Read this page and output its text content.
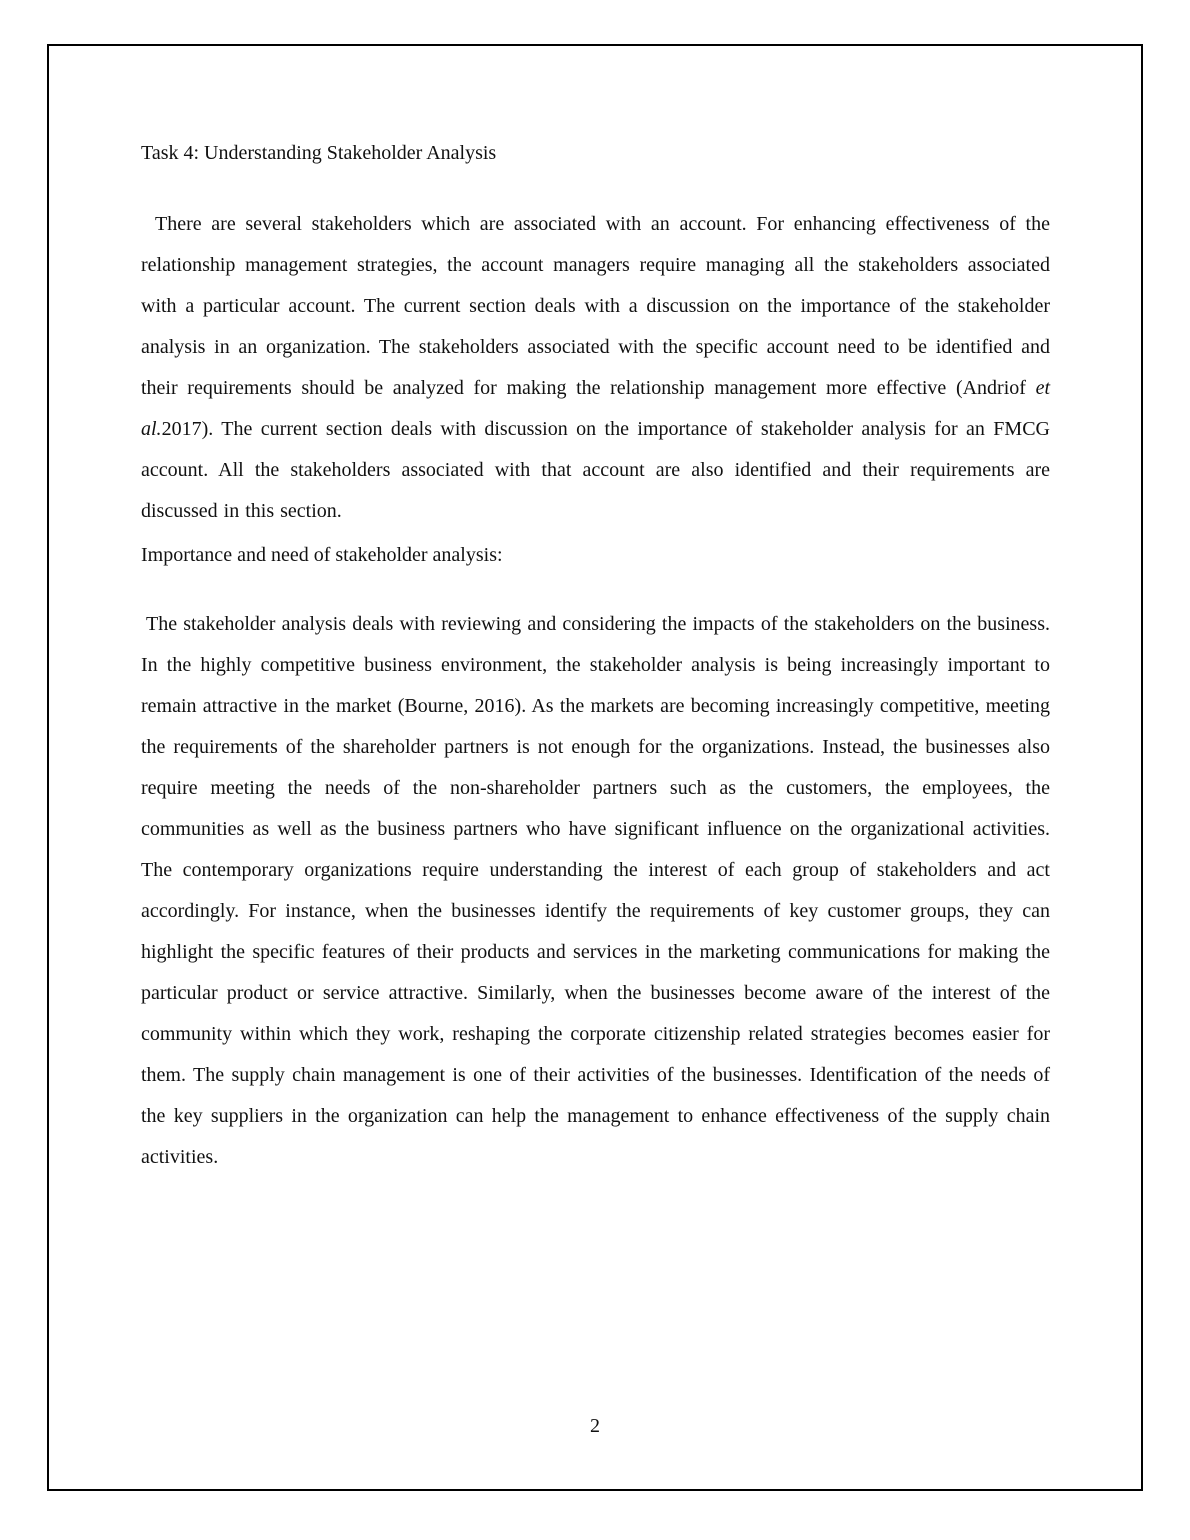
Task 4: Understanding Stakeholder Analysis

There are several stakeholders which are associated with an account. For enhancing effectiveness of the relationship management strategies, the account managers require managing all the stakeholders associated with a particular account. The current section deals with a discussion on the importance of the stakeholder analysis in an organization. The stakeholders associated with the specific account need to be identified and their requirements should be analyzed for making the relationship management more effective (Andriof et al.2017). The current section deals with discussion on the importance of stakeholder analysis for an FMCG account. All the stakeholders associated with that account are also identified and their requirements are discussed in this section.

Importance and need of stakeholder analysis:

The stakeholder analysis deals with reviewing and considering the impacts of the stakeholders on the business. In the highly competitive business environment, the stakeholder analysis is being increasingly important to remain attractive in the market (Bourne, 2016). As the markets are becoming increasingly competitive, meeting the requirements of the shareholder partners is not enough for the organizations. Instead, the businesses also require meeting the needs of the non-shareholder partners such as the customers, the employees, the communities as well as the business partners who have significant influence on the organizational activities. The contemporary organizations require understanding the interest of each group of stakeholders and act accordingly. For instance, when the businesses identify the requirements of key customer groups, they can highlight the specific features of their products and services in the marketing communications for making the particular product or service attractive. Similarly, when the businesses become aware of the interest of the community within which they work, reshaping the corporate citizenship related strategies becomes easier for them. The supply chain management is one of their activities of the businesses. Identification of the needs of the key suppliers in the organization can help the management to enhance effectiveness of the supply chain activities.

2
